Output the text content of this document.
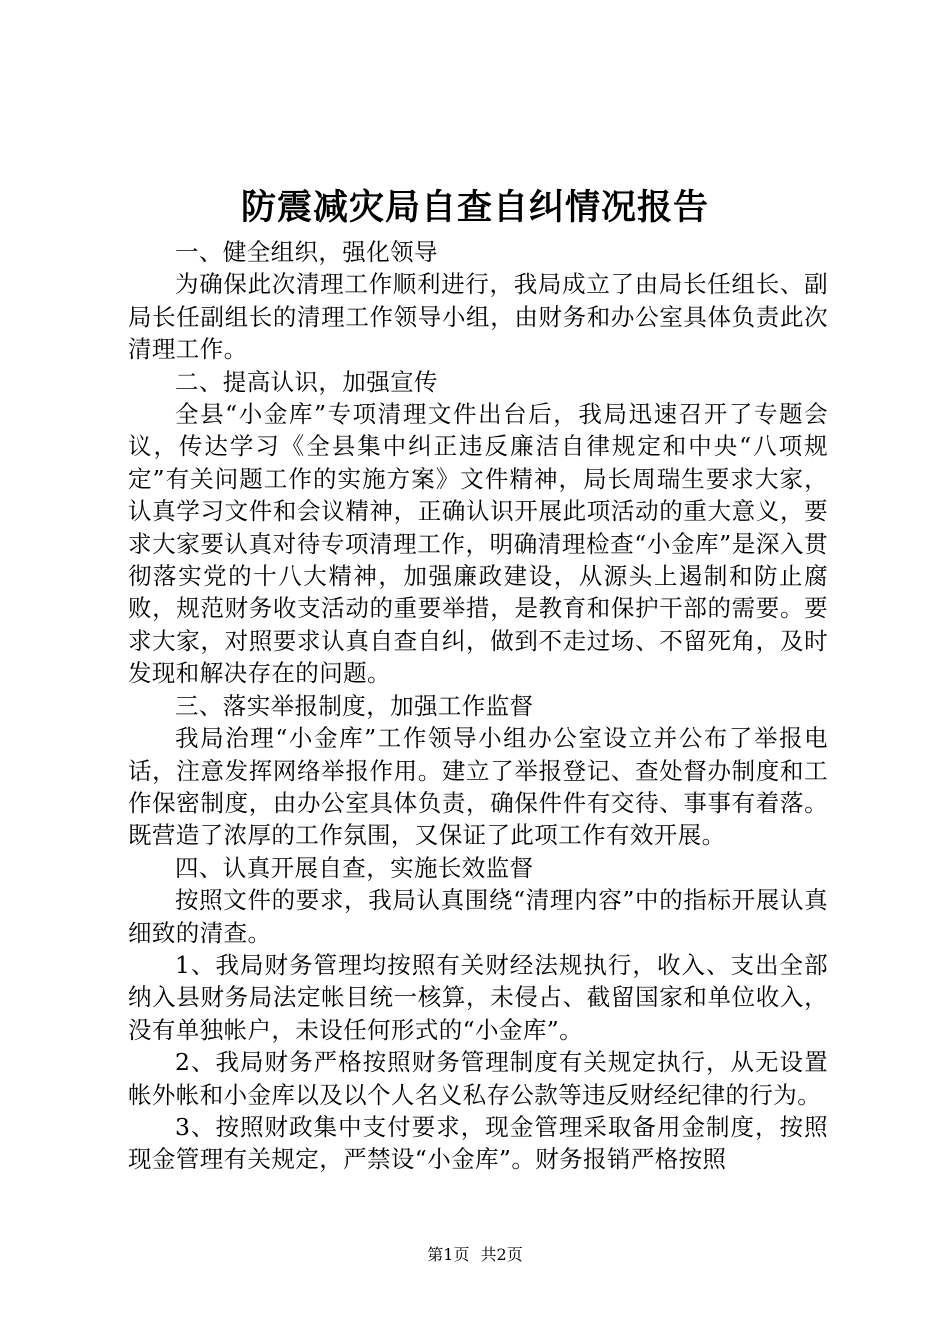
防震减灾局自查自纠情况报告

一、健全组织，强化领导

为确保此次清理工作顺利进行，我局成立了由局长任组长、副局长任副组长的清理工作领导小组，由财务和办公室具体负责此次清理工作。

二、提高认识，加强宣传

全县“小金库”专项清理文件出台后，我局迅速召开了专题会议，传达学习《全县集中纠正违反廉洁自律规定和中央“八项规定”有关问题工作的实施方案》文件精神，局长周瑞生要求大家，认真学习文件和会议精神，正确认识开展此项活动的重大意义，要求大家要认真对待专项清理工作，明确清理检查“小金库”是深入贯彻落实党的十八大精神，加强廉政建设，从源头上遏制和防止腐败，规范财务收支活动的重要举措，是教育和保护干部的需要。要求大家，对照要求认真自查自纠，做到不走过场、不留死角，及时发现和解决存在的问题。

三、落实举报制度，加强工作监督

我局治理“小金库”工作领导小组办公室设立并公布了举报电话，注意发挥网络举报作用。建立了举报登记、查处督办制度和工作保密制度，由办公室具体负责，确保件件有交待、事事有着落。既营造了浓厚的工作氛围，又保证了此项工作有效开展。

四、认真开展自查，实施长效监督

按照文件的要求，我局认真围绕“清理内容”中的指标开展认真细致的清查。

1、我局财务管理均按照有关财经法规执行，收入、支出全部纳入县财务局法定帐目统一核算，未侵占、截留国家和单位收入，没有单独帐户，未设任何形式的“小金库”。

2、我局财务严格按照财务管理制度有关规定执行，从无设置帐外帐和小金库以及以个人名义私存公款等违反财经纪律的行为。

3、按照财政集中支付要求，现金管理采取备用金制度，按照现金管理有关规定，严禁设“小金库”。财务报销严格按照

第1页 共2页
